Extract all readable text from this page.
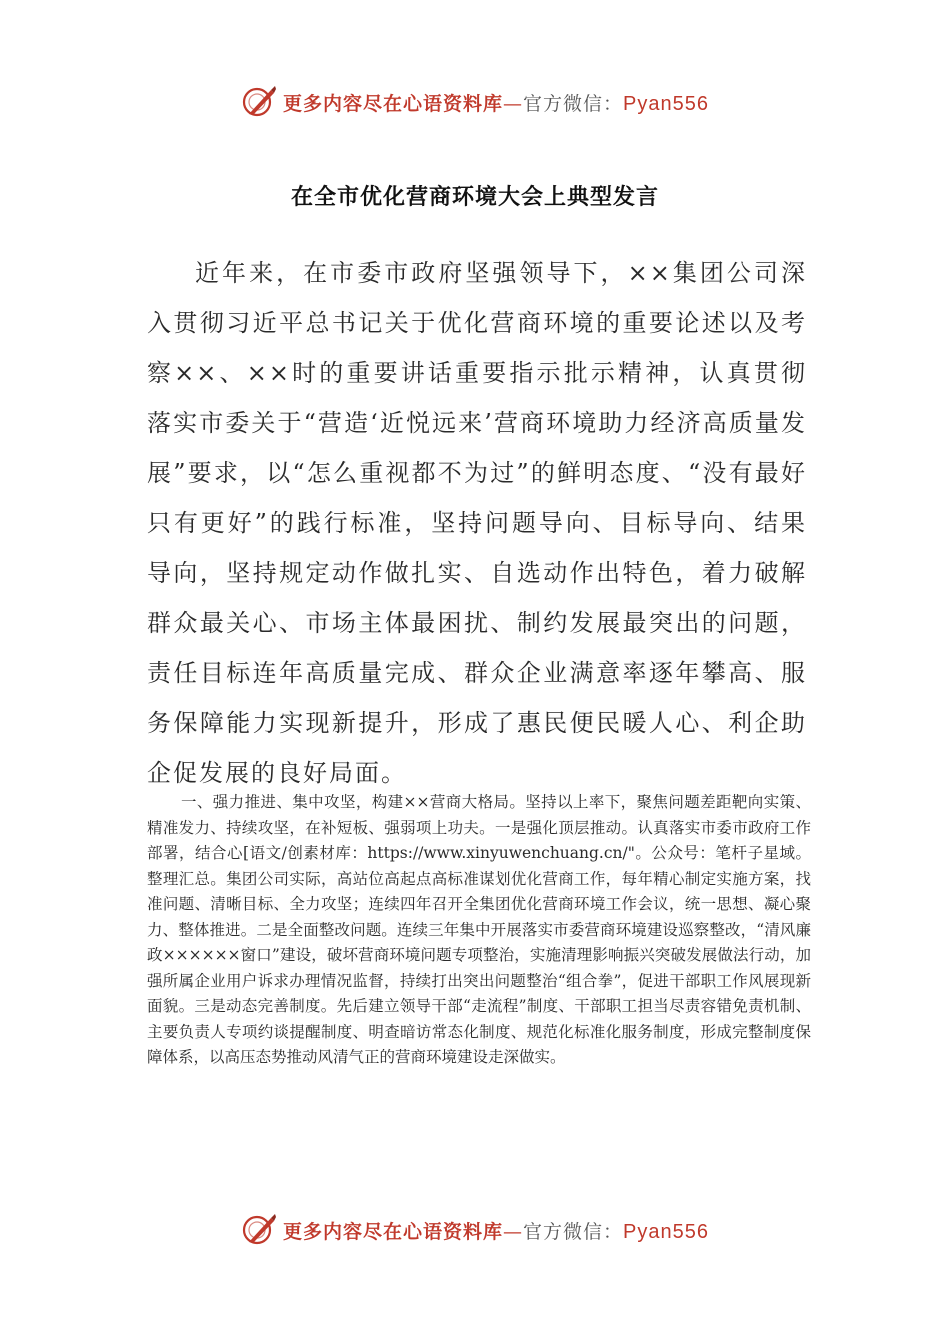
更多内容尽在心语资料库—官方微信：Pyan556
在全市优化营商环境大会上典型发言

近年来，在市委市政府坚强领导下，××集团公司深入贯彻习近平总书记关于优化营商环境的重要论述以及考察××、××时的重要讲话重要指示批示精神，认真贯彻落实市委关于“营造‘近悦远来’营商环境助力经济高质量发展”要求，以“怎么重视都不为过”的鲜明态度、“没有最好只有更好”的践行标准，坚持问题导向、目标导向、结果导向，坚持规定动作做扎实、自选动作出特色，着力破解群众最关心、市场主体最困扰、制约发展最突出的问题，责任目标连年高质量完成、群众企业满意率逐年攀高、服务保障能力实现新提升，形成了惠民便民暖人心、利企助企促发展的良好局面。

一、强力推进、集中攻坚，构建××营商大格局。坚持以上率下，聚焦问题差距靶向实策、精准发力、持续攻坚，在补短板、强弱项上功夫。一是强化顶层推动。认真落实市委市政府工作部署，结合心[语文/创素材库：https://www.xinyuwenchuang.cn/"。公众号：笔杆子星域。整理汇总。集团公司实际，高站位高起点高标准谋划优化营商工作，每年精心制定实施方案，找准问题、清晰目标、全力攻坚；连续四年召开全集团优化营商环境工作会议，统一思想、凝心聚力、整体推进。二是全面整改问题。连续三年集中开展落实市委营商环境建设巡察整改，“清风廉政××××××窗口”建设，破坏营商环境问题专项整治，实施清理影响振兴突破发展做法行动，加强所属企业用户诉求办理情况监督，持续打出突出问题整治“组合拳”，促进干部职工作风展现新面貌。三是动态完善制度。先后建立领导干部“走流程”制度、干部职工担当尽责容错免责机制、主要负责人专项约谈提醒制度、明查暗访常态化制度、规范化标准化服务制度，形成完整制度保障体系，以高压态势推动风清气正的营商环境建设走深做实。

更多内容尽在心语资料库—官方微信：Pyan556
